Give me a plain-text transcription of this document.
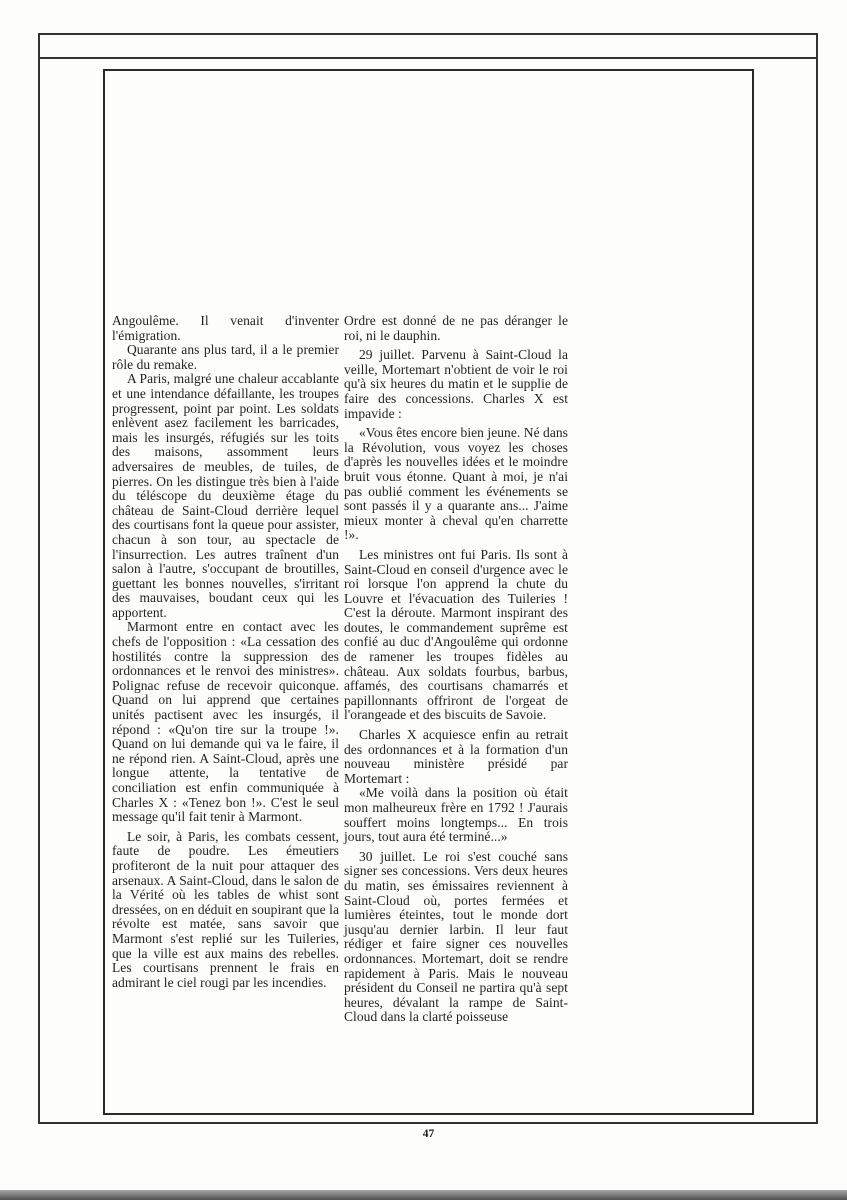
Angoulême. Il venait d'inventer l'émigration.

Quarante ans plus tard, il a le premier rôle du remake.

A Paris, malgré une chaleur accablante et une intendance défaillante, les troupes progressent, point par point. Les soldats enlèvent asez facilement les barricades, mais les insurgés, réfugiés sur les toits des maisons, assomment leurs adversaires de meubles, de tuiles, de pierres. On les distingue très bien à l'aide du téléscope du deuxième étage du château de Saint-Cloud derrière lequel des courtisans font la queue pour assister, chacun à son tour, au spectacle de l'insurrection. Les autres traînent d'un salon à l'autre, s'occupant de broutilles, guettant les bonnes nouvelles, s'irritant des mauvaises, boudant ceux qui les apportent.

Marmont entre en contact avec les chefs de l'opposition : «La cessation des hostilités contre la suppression des ordonnances et le renvoi des ministres». Polignac refuse de recevoir quiconque. Quand on lui apprend que certaines unités pactisent avec les insurgés, il répond : «Qu'on tire sur la troupe !». Quand on lui demande qui va le faire, il ne répond rien. A Saint-Cloud, après une longue attente, la tentative de conciliation est enfin communiquée à Charles X : «Tenez bon !». C'est le seul message qu'il fait tenir à Marmont.

Le soir, à Paris, les combats cessent, faute de poudre. Les émeutiers profiteront de la nuit pour attaquer des arsenaux. A Saint-Cloud, dans le salon de la Vérité où les tables de whist sont dressées, on en déduit en soupirant que la révolte est matée, sans savoir que Marmont s'est replié sur les Tuileries, que la ville est aux mains des rebelles. Les courtisans prennent le frais en admirant le ciel rougi par les incendies.

Ordre est donné de ne pas déranger le roi, ni le dauphin.

29 juillet. Parvenu à Saint-Cloud la veille, Mortemart n'obtient de voir le roi qu'à six heures du matin et le supplie de faire des concessions. Charles X est impavide :

«Vous êtes encore bien jeune. Né dans la Révolution, vous voyez les choses d'après les nouvelles idées et le moindre bruit vous étonne. Quant à moi, je n'ai pas oublié comment les événements se sont passés il y a quarante ans... J'aime mieux monter à cheval qu'en charrette !».

Les ministres ont fui Paris. Ils sont à Saint-Cloud en conseil d'urgence avec le roi lorsque l'on apprend la chute du Louvre et l'évacuation des Tuileries ! C'est la déroute. Marmont inspirant des doutes, le commandement suprême est confié au duc d'Angoulême qui ordonne de ramener les troupes fidèles au château. Aux soldats fourbus, barbus, affamés, des courtisans chamarrés et papillonnants offriront de l'orgeat de l'orangeade et des biscuits de Savoie.

Charles X acquiesce enfin au retrait des ordonnances et à la formation d'un nouveau ministère présidé par Mortemart :

«Me voilà dans la position où était mon malheureux frère en 1792 ! J'aurais souffert moins longtemps... En trois jours, tout aura été terminé...»

30 juillet. Le roi s'est couché sans signer ses concessions. Vers deux heures du matin, ses émissaires reviennent à Saint-Cloud où, portes fermées et lumières éteintes, tout le monde dort jusqu'au dernier larbin. Il leur faut rédiger et faire signer ces nouvelles ordonnances. Mortemart, doit se rendre rapidement à Paris. Mais le nouveau président du Conseil ne partira qu'à sept heures, dévalant la rampe de Saint-Cloud dans la clarté poisseuse

47
